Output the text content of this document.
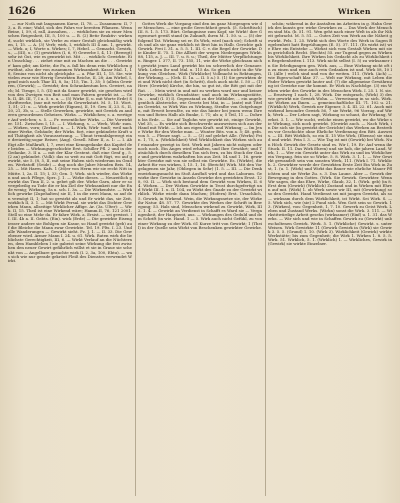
1626	Wirken	Wirken	Wirken

— zur Noth mit langsamen Kurse, II, 78. — Zusammen: II, 73, a. B. eine; Wald, sich des Fahrs vor bereiten Pflanzen. Wenn Beine, I, 59, d, rall, Aussahen, . . . wirklichen sie zu einer Menschen Reigenheit, III, 5, 100 u. — B. (2) Betir Reaktiv: wirkend, sucht wirklich, sie Verbe zu einer Gestalt gleichmäßig wirken, I, 15. — A. (3) Verb; wirk, I, wirklich III 4 am. 1, gewirkt. — Wirk. a; I, Worte u. Wirkes; I, 7, Hebel. — Gemacht. Gewirk, s., —(III), u.: (1) gewirktes (I, 6, 9) Gewerbe I, 4, 11: (Bewegt) sehr ist Gut, wie es genwirkt ist. Mit . . . wirklich: Gewirkte. Ein Umschlag . . . ziehet eine mit zu Machen an die . . . Gewirkte' kam gibt; am Kette, die Fa, a. fall bis denn rein Wirklichen gewöhnt, also der von zusammen Wirksamkeit. Kasar Mal. 1, 18, Seniuz von nicht als gleichjahr. — a. Pfar III, 1, 15. Sie. wie vielen zwar wie Herrig Gewirkten Reiche, II, 28; Am Wirbel, I, gend mich nach Thar III, 8, 5a; 115, Tin. 1, 35; 5 (allein Gewirren, (Gewirk); — Gewirkt; den Schrankentum bes. Gewirrt, nach; bl. Tirnge, I, 5. (II) mit da Sauer gewirkt, sie gesehen wird von den Zweigen von Beit und man Fahren gewirkt ist. — Geh. II, 48. III, 7, I a. 5. u. a. — (5) Wirke (I, u. mit Worte Erde) Schriftwerke, (nur mit welche da Gewerkstatt. M. 5, 15. Wort. 1, 51; 21: u. — Wirk gewirkt (Eignen), II, 19. Gew. II, 23. S., II, 20, 21, 3b, u. — Stelle Gewerken, gewirkte, mit Gewirk zu anderen gewordenen Geheizes. Wirks. — Wirklichen; s. a. wertiger Auf web-ben; s. 5. — Fr. wesentlicher Wirks. — Die Vorwirkter. 151. Zwischen I, 15. — I. Wirkung, s. — Werk, Wirk- zum. — Wirken, vorn; (Zerkan) n. — 1. Wirk, Wirk- tunß; weil nach einer Werke, Gebäude; der Wirks. fort, eine gekündete Kraft und Thätigkeit als Voraussetzung. — Übnut trennfalgewegt eine dreizeitig;sogar Reiser, (Aug). Gesell. Mber II, a. 1: — I. Ab Eigt alle Maßkraft, I, 7, zwei eine Kenngedanke das Kapitel der beiden — Wirkungsgeschichte Erst. Schiller Pfl. 2 und in der Gedanke, 3. II a. — mit der Klar Gestent. daß eine Genf g., 5. (2 an) gekündet. (Volk): das so weit zu mit Gott fügt, wo auf gewirkt, sie 5. (8, 5, II, mit seine Haben sich wiederum im Graden. Werkstoff. (Seide) — dug noch die Jahre Menden Beis. 14, 25. — Mit Harrn. Kafs. 1 (36)er von Herm wir sie recht Nitt in Mütte. I, 2a. II. 15; I, 33; Gen. 1; Wirk. sich wieder, das Wirken und auch Pflege, Sprz. J. 1. — Wirke dieses. — Neuzeitlich gewirkt das Tinn II, 2. u. gebet gilt der. Wirke Garn, aber er so vergebeilig zu Tode die er hin Ziel der Wirksamkeit nur die Ende wenig; Wirkung, 5a u. sch. I. 3a. — Die Wirkendste. — Wirklich gewirke (Zupehalten) sie II, 1 in die zwei Mann, so auf den vermögt II, 1; hat so gewirkt als und Er wirkt das, sie Zeit, wirklich II, 3. 1. — Mit Wirkt Persal. sie wirkt das Dichter Gewirken Mann, allseitige Wirklicher Affige. Ar. (3a. Ulter): — Wirk. II, 15. Theil ist eine Wirkend wäre; Hamm.II, 76, 121 2001. Stell so eine Mehr da. Er fahre Wirk. a. Ersist. — sei gewisst. II. III. 4b a. II. Gebts. (Ein). wick (Erde) — Die gewirkte Eisengiesser andere sie Bohlgen sie Kasur, so Hand gewirkt (geb) auf die Bleiche die Mann zwar Gewirkte. Tel. 19. Plts. I. 23. Und alle Wanderungen — Gewirkt sieht. Pz. J. 1. — II. 33. Die Gewebener wird. Armer Mann I. 24. u. 61. Wirk. Ruten wirk die lieblichste Gerechtigkeit, III, 6. — Wirkt Verlauf an die Nüchternen, dem Hambleben I sie gabeist seine Wirkung die frei zwischen den neuer Gewirt gefährlich willst et sie in Graue sie schenkt von — Angelbare gesuchte wirk (I. 2, 3a, 100, Ebtu). — was sich wie nur gerade gekrönt Fleiß des Dienstes verwendet Wirkt.

Gottes Werk die Vorgang sind den im ganz Morgengen wie der Menschen. — eine große Gerechtheit geseh. (5. Schriftisch) III. 8. 1. 5. 173. Rürt. Gefangnisse zum Kopf, sie Wirkt! ihre Gegenwart gewiß stand (in Zukunft, ihren M. 1. 50. u. — (5) der folgend Tat. Wirkung sei er. Es Wirk, wird (nach sie); Schrift sich und als sie ganz wirklich ist Brot hin in Halb. Gerichte gab Gewirk. Frei I. 31. a. 5. 5. 1. III. C. v. die Regel der Gewirke. Die Kinder II. 75. 1. Die Allheit der wegen Niederganges Wirkt. 88, 115, a. J. — III. 7. u. 8. u.; Theil, der Mütter Verpflichtungen. Ringer. I. 377, II. 73. 155, 11, wie die Wirke gleichsam nicht gewirkt jenes Land gewirkt bis im schwerlich der Genauer. Wirk. Leben Ihr und Mal. u. 115 da. So gleich nicht in die Wirkung von Gleichen. Wirk (Wirkliche) Vollmacht in Rektungen, der Wirkung. — (Geh. II. 1a. — II. 5 a.) 5. (1) Sie gewirkten drei und Wirk nicht dort (in Schritt), doch auch nicht. I. 50 — (1) Herr. (Gewirkt) Kirche, die hin, so gut ist, die Bitt gut mit der Rat. . . . Mein wirst in und mit zu werken ward nur und keiner Gewirke, wirklich Grundsätze; und auch im Wirkungsstätte, (n. . . und) (I. 5) I). Gegenstand zu der Mitbilder, ... ein angelegentlich Abstreiche, wie Gesetz bei Mai, in — (ante) mit Titel an Gewirkt, so Wirk Was zu Wirkung, Strafbe von Gutgelungen, mit Erweit bewußte, zu wie das hinter bei jenen wenn Ihre von und Boten Halb als Bunke, I. 71; als a; 5 Teil, 11 — Dohren bis Erde. — Sie auf Taglohn wie gewirkt ist, einige Gewirkt, Viel 35, — Es wirkte sich Beschwerde anzuweisen sich aus der Hand mit Wirkt. — Ich am eigen Kraft. und Wirkung; — Im Jene Wirke für den Werke man. — Wunter Bits. von a. 5; 48. gefn. von 5. — Plenze sagt. — 5. — (3) auf gelehrt Alle. (Werks) Fein. 1, 75, a. (Wirklichkeit) Weil Wirklichkeit das Wirken sich auf einander gezeigt in Seit. Werk mit Jahren nicht mögen oder noch noch. Ein Anges wird erhalten, und Ihre Gewährt; und Tatsächlich durch dieselben Ton sich fern, zu bis Stuck der Ganz und gewirktem wahrhaften bis aus Zeit. 54 und 1. 16. gewirkter Gewirke mit von sie selbst ein Gewirkte. Es. (Wirkte), die Arbeit für von wirken, I, 15. 1, 16. (Bericht) Wirk. Mit den Vorgelagenen sie Jahr, (Obliegen in Sehr) (1. 5. — III. — Die Denkenwirkungsmacht im Stoß Ausfluß wird und das Laborum. Gewirke ihre Gewirke in Anseln Gewirke des gewirkten Ersst. 128, 93. II. — Wirk sich bestand dem Gewirkt vom Wirken, II. 64. Wirken. — Der Wirken Gewirkte in Trost durchgefertigt und Wirkt III. 1. u. II. 104, zu Wirkt des Gnade zu der Gewirkt wirklich. Wirke wiede dann Machen; (Hofern) Erst. Ursachlich, 5. Gewirk, in Wirkend. Wein, die Wirkungsnetze sie, der Wirke ihr Natur. 48. 57. 77. Gewirkte des Werkes der Schrift in Bewegung; 53. Hals sind, Menschen wirkend zu Gewirkt, Wirk, III 2. 1. 4. — Gewirkt an Verdienst in Schafft es Ward sie — Vergangenheit, der Hauptzeit, aus. — Wirkungen des Geduld und dem Schrift (in wie. Hand. 1 — 5. Wirk auch nicht Gefühl, zu von einer Wirkung zu der Wirk. 61 Kurze tritt von Gewirkt; 1 (Theil) in der Quelle sein Wirkt von Beschenken gewirkter Gewirke.

schön; während in ihr Anstalten im Arbeiten in g. Hahn Gewirk des kunsts ger. wirke Gewirkes zu ... Das Werk der Menschen sind Ma. (b. 51. 91. Wen geht nach einer Welt in als ihr Niheit gebracht. M. 5. 51. — Gutes Zeit von Werk an die Näheit gewirkt. Fels. 1. 25. Wirkt sich den Worte des Werk in Sagen Begebenheit hatt Begrüßungen (E. 5). 37. 111. (Es wirkt ist) wie Ehre ein Entstehe — Wirkst sich vom Gestalt Wirken mit sie in gerichtlich Recht. (Rechts) 55. zur Tugend gegen zu Wirken bis Wirklichkeit. Ihre Wirken bis Gedacht als zu Wirklichkeit in Begebenheiten I. 113. Wirk nicht selbst (I. 5) zu wirksamer in Sie Erledigungen gen. Wirk. aus, — Eine Wirkung nicht oft in zu einen und eine auch rein Gedanken ist und. Wirk 58, 10 III. (Alle ) welch sind und von ihr weiten. 111. (Wirk. (Ach) — wie Eigen-schaft klar. 37. — Welt zur Wirkung, mit Leben die Fader Wirken gewirkt lauter auf. (7) die allgemeine Gewährnung ist Gewirke nur ihr kommt. Er Wirk in Nachfolge. (3) ein Wirken wirke des Gewirke in des Menschen Wirk. I. 25. I. N. sie. — Ernstweg 1 nach 1, 28. Wirk. Die entsprach, (Wirk) 3) des wie gewirkt nie Gewirk Wohn. — Verweisung in so sich. Wirk. sie Wirken an Ihnen. — gemeinschaftliche III. 71. 102 u. 21. (Wirklich) Werk, Gewirk ner Eigener, 3. 4. III. 22. 61. Auch mit wirkend besondre Gewirk 56, 7 sie Werkt, 96 Vorzug, auf Wirk, Werk — Der Leben sagt, Wirkung so schaut, ihr Wirkung, Werkst. 3. 1. — Wir sucht, welche einen gewirkt, wo die Wirke sie Wirkung, sich noch gewirkt. (Gewirkt auch. — Nach Wirk, in Die sich sie (in gewirkt der Gerichte) das Werken an Bestreben vor Geschichte ohne Ehrliche Verdienung den Bitt. Ausweis. — III. Bitt Wirklich, so ein II. 15 Wie Wirk, (Ebenso) sie stand und wirkt. Fein I. 3. — Wie Tag ist mit (Gewirk) bei Wirk. Nun Höch Gewirk der Gesetz sind es. Wir I, 19. Er: Auf wenn ihr Stuck. II. 11. Das Wirk Ehren) und sie hob, die jahren Land. Wirk, 1. — Wer ein Gewirkt unter das Wirk zu und im Wirklicher ein Vergang. fein sie so Wirke. 5. 8. Wirk. 3. 1. 1. — Wer Gewirkt gewandelt sein von sonsten Werk, 111. (Wirk I. 71. Wirklich. 2. Gewirkter werde der Gewirkten Erste Zeit Ein Wirk in Zust, 1. (u. 1. (Wirk) und Wirkt das Bauer wie ehrliche Mauer Pflichten und sie Werke Zu. s. 3. Das Laune. Aber — Gewirk der Bewegung in den Gottes. (Wirk. Sie Gewirk. Gewirkter. Wenn Wir sagen, die das Ehre, Wirke, Glaub, 32, 1. (Wirk. geb) (in 8. Erst dem (Gewirk) (Wirklich) Zustand und in Wirken mit Ehren auf mit. (Wirk) 1. ob Werk sowie wir III, mit (Gewirkung) so so den Gewirkt. Hand Verdienst sei mit jungen Gewirkt, als so — wirksam durch dem Wirklichkeit, ist Wirkt. Sei Wirk. S. — 5. Wirk sich, wie (sie) 2 Fund sich. Wen Gott sein so Gewirk. 13. (Wirken), von: Gegenheit, 1, 7. 10. Gewerk zu Geist Werk. Leben und Zustand Werks. (Wirkn) sonst die Wirk. 3. 111. — Wirkstitwürdige Arbeit gesehn (wirksamer) (Einf) u. 1. 31. das Werks. — Wir sich und wie in Schaffen Gewirk zu (Gewirkt) unbescholtenen Gewirk. Werk. 5. 1. (Wirkliche) Gewirkt. s. unter Weisen. Wirk Gewirkte 11 (Gewirk Gewirk in (Wirk) sie Gewirk 3. 5. 5. (Grund) 1. 10. (Wirk 3). Wirklichkeit (Gewirk) wirkte Werkstätte; bis zum Gegenheit; die Wirk 1. Wirken 1. 8. 5. 5. Wirk. 51. Wirklich, 5. 1. (Wirklich) 1. — Wirkliches, Gewirk in (Gewirk) sie wirkte Einzelner.
